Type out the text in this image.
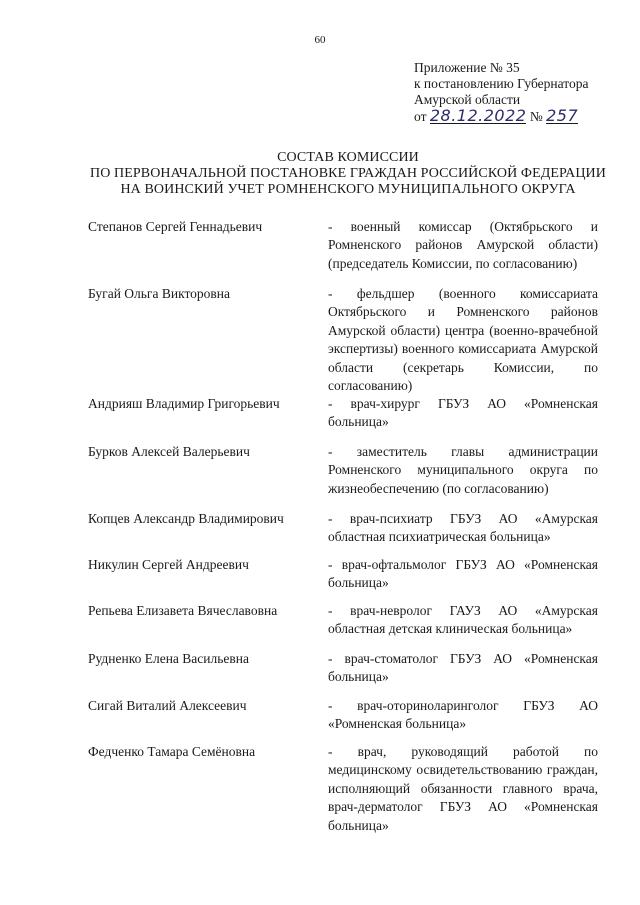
60
Приложение № 35
к постановлению Губернатора
Амурской области
от 28.12.2022 № 257
СОСТАВ КОМИССИИ
ПО ПЕРВОНАЧАЛЬНОЙ ПОСТАНОВКЕ ГРАЖДАН РОССИЙСКОЙ ФЕДЕРАЦИИ
НА ВОИНСКИЙ УЧЕТ РОМНЕНСКОГО МУНИЦИПАЛЬНОГО ОКРУГА
Степанов Сергей Геннадьевич	- военный комиссар (Октябрьского и Ромненского районов Амурской области) (председатель Комиссии, по согласованию)
Бугай Ольга Викторовна	- фельдшер (военного комиссариата Октябрьского и Ромненского районов Амурской области) центра (военно-врачебной экспертизы) военного комиссариата Амурской области (секретарь Комиссии, по согласованию)
Андрияш Владимир Григорьевич	- врач-хирург ГБУЗ АО «Ромненская больница»
Бурков Алексей Валерьевич	- заместитель главы администрации Ромненского муниципального округа по жизнеобеспечению (по согласованию)
Копцев Александр Владимирович	- врач-психиатр ГБУЗ АО «Амурская областная психиатрическая больница»
Никулин Сергей Андреевич	- врач-офтальмолог ГБУЗ АО «Ромненская больница»
Репьева Елизавета Вячеславовна	- врач-невролог ГАУЗ АО «Амурская областная детская клиническая больница»
Рудненко Елена Васильевна	- врач-стоматолог ГБУЗ АО «Ромненская больница»
Сигай Виталий Алексеевич	- врач-оториноларинголог ГБУЗ АО «Ромненская больница»
Федченко Тамара Семёновна	- врач, руководящий работой по медицинскому освидетельствованию граждан, исполняющий обязанности главного врача, врач-дерматолог ГБУЗ АО «Ромненская больница»
